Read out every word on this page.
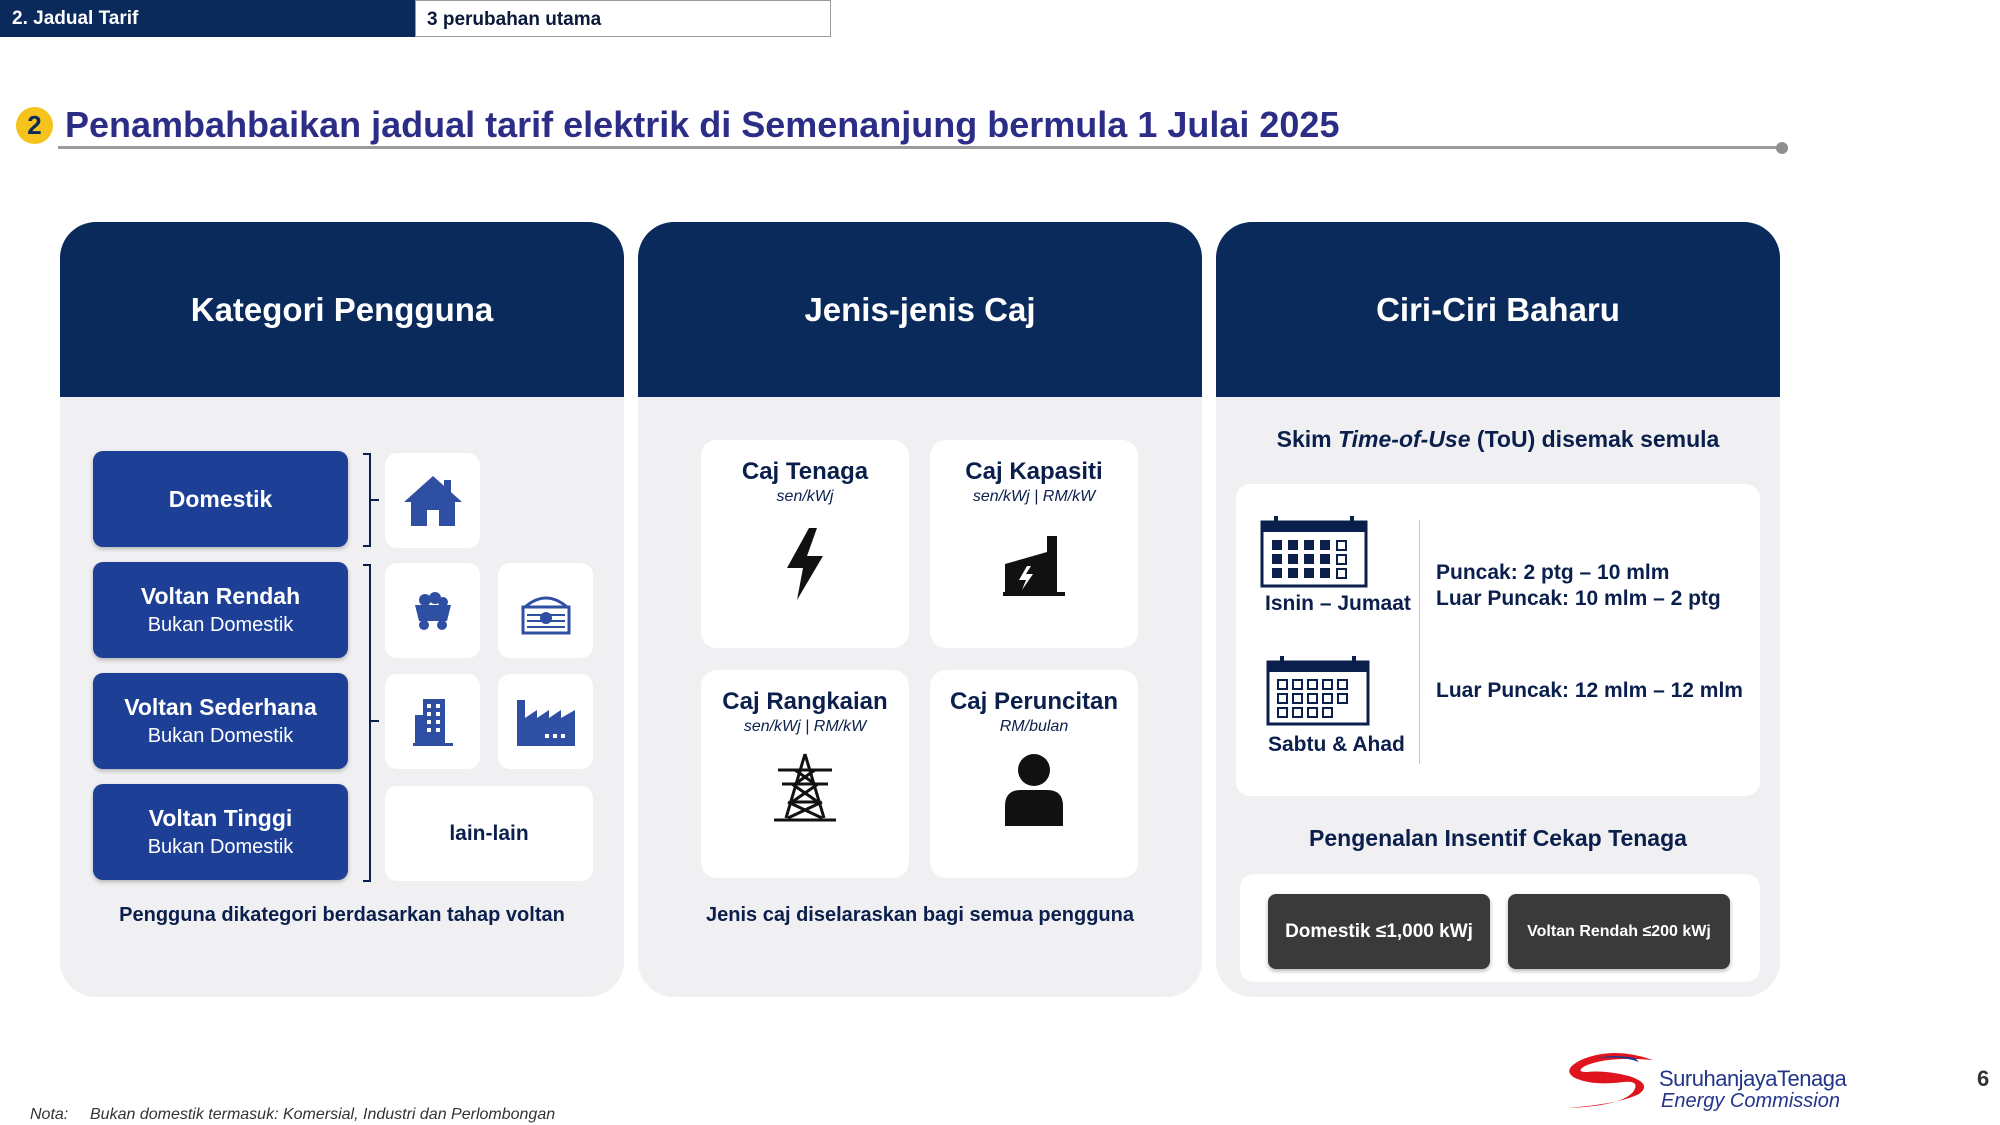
2. Jadual Tarif	3 perubahan utama
2 Penambahbaikan jadual tarif elektrik di Semenanjung bermula 1 Julai 2025
Kategori Pengguna
Domestik
Voltan Rendah
Bukan Domestik
Voltan Sederhana
Bukan Domestik
Voltan Tinggi
Bukan Domestik
lain-lain
Pengguna dikategori berdasarkan tahap voltan
Jenis-jenis Caj
Caj Tenaga
sen/kWj
Caj Kapasiti
sen/kWj | RM/kW
Caj Rangkaian
sen/kWj | RM/kW
Caj Peruncitan
RM/bulan
Jenis caj diselaraskan bagi semua pengguna
Ciri-Ciri Baharu
Skim Time-of-Use (ToU) disemak semula
Isnin – Jumaat
Sabtu & Ahad
Puncak: 2 ptg – 10 mlm
Luar Puncak: 10 mlm – 2 ptg
Luar Puncak: 12 mlm – 12 mlm
Pengenalan Insentif Cekap Tenaga
Domestik ≤1,000 kWj	Voltan Rendah ≤200 kWj
Nota: Bukan domestik termasuk: Komersial, Industri dan Perlombongan
SuruhanjayaTenaga
Energy Commission
6
